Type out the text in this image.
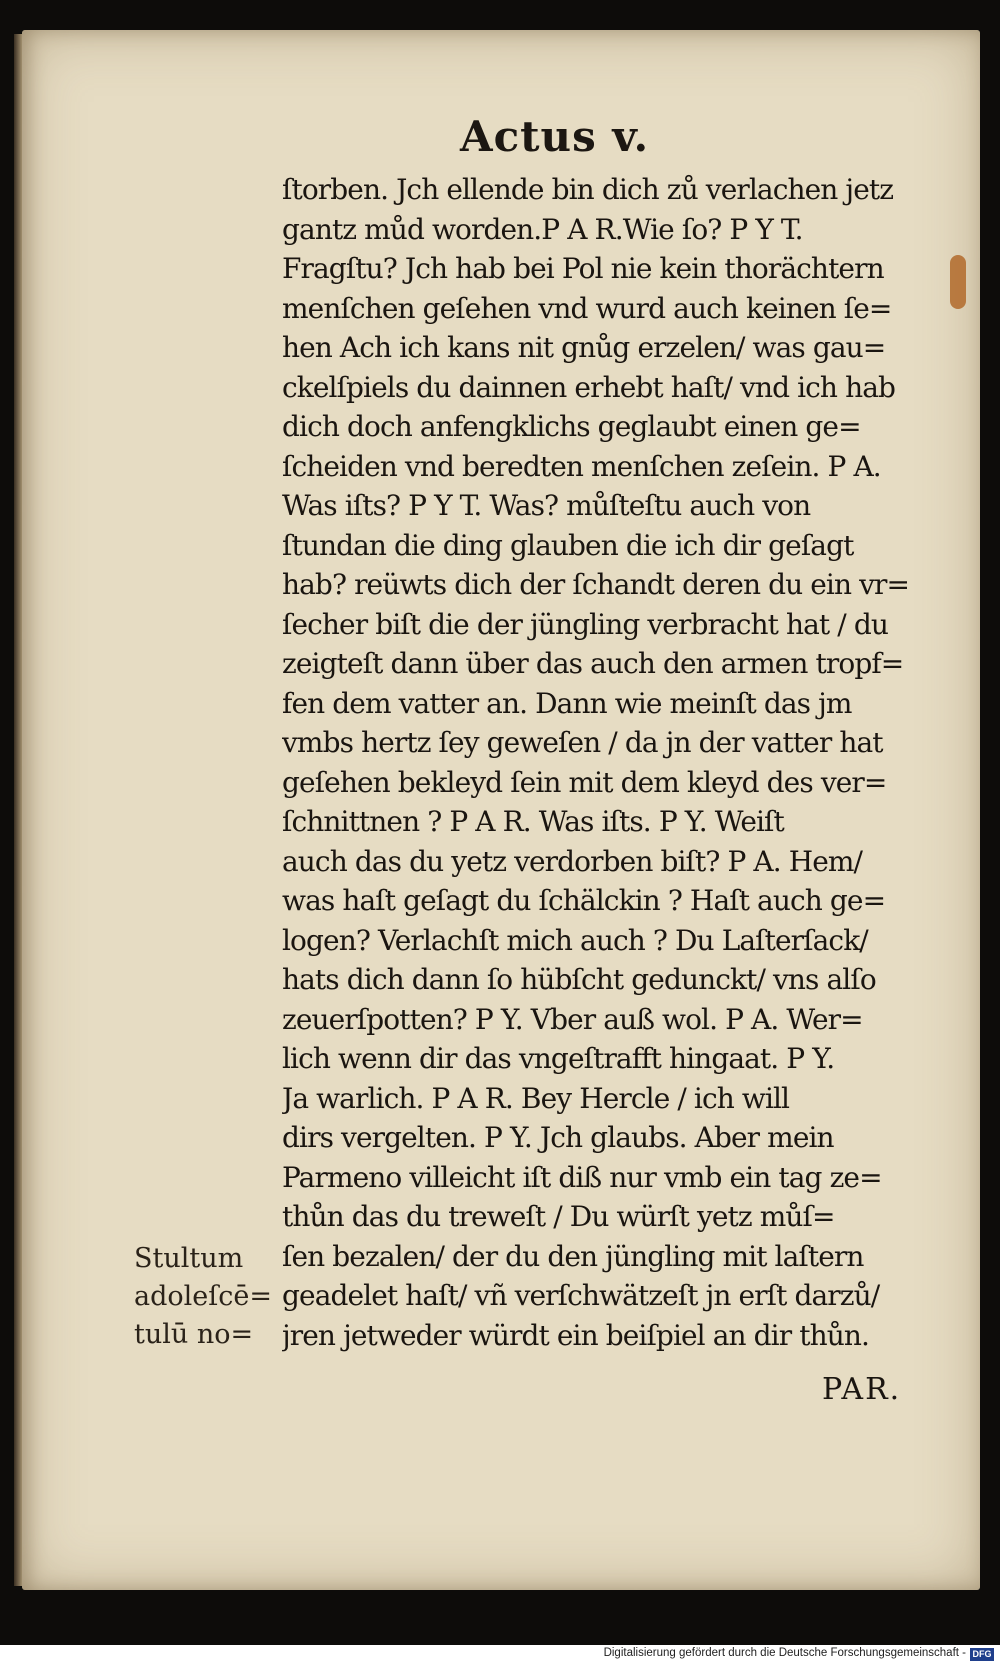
Actus v.
ſtorben. Jch ellende bin dich zů verlachen jetz
gantz můd worden.P A R.Wie ſo? P Y T.
Fragſtu? Jch hab bei Pol nie kein thorächtern
menſchen geſehen vnd wurd auch keinen ſe=
hen Ach ich kans nit gnůg erzelen/ was gau=
ckelſpiels du dainnen erhebt haſt/ vnd ich hab
dich doch anfengklichs geglaubt einen ge=
ſcheiden vnd beredten menſchen zeſein. P A.
Was iſts? P Y T. Was? můſteſtu auch von
ſtundan die ding glauben die ich dir geſagt
hab? reüwts dich der ſchandt deren du ein vr=
ſecher biſt die der jüngling verbracht hat / du
zeigteſt dann über das auch den armen tropf=
fen dem vatter an. Dann wie meinſt das jm
vmbs hertz ſey geweſen / da jn der vatter hat
geſehen bekleyd ſein mit dem kleyd des ver=
ſchnittnen ? P A R. Was iſts. P Y. Weiſt
auch das du yetz verdorben biſt? P A. Hem/
was haſt geſagt du ſchälckin ? Haſt auch ge=
logen? Verlachſt mich auch ? Du Laſterſack/
hats dich dann ſo hübſcht gedunckt/ vns alſo
zeuerſpotten? P Y. Vber auß wol. P A. Wer=
lich wenn dir das vngeſtrafft hingaat. P Y.
Ja warlich. P A R. Bey Hercle / ich will
dirs vergelten. P Y. Jch glaubs. Aber mein
Parmeno villeicht iſt diß nur vmb ein tag ze=
thůn das du treweſt / Du würſt yetz můſ=
ſen bezalen/ der du den jüngling mit laſtern
geadelet haſt/ vñ verſchwätzeſt jn erſt darzů/
jren jetweder würdt ein beiſpiel an dir thůn.
PAR.
Stultum
adoleſcē=
tulū no=
Digitalisierung gefördert durch die Deutsche Forschungsgemeinschaft - DFG
